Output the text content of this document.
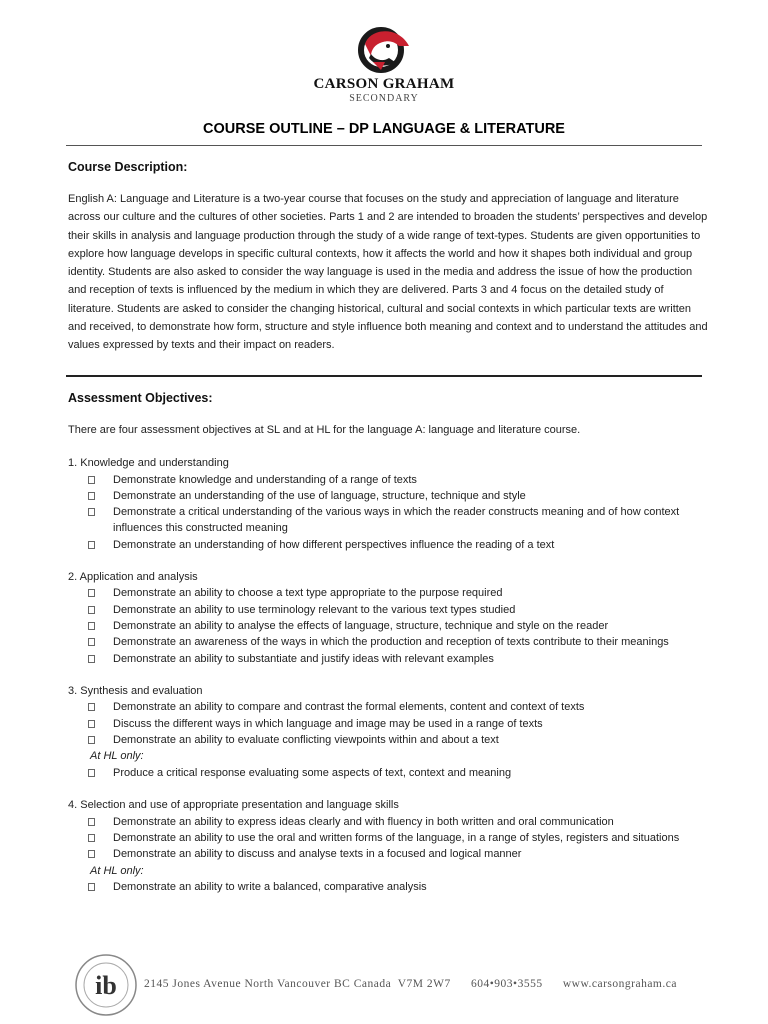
CARSON GRAHAM
SECONDARY
COURSE OUTLINE – DP LANGUAGE & LITERATURE
Course Description:

English A: Language and Literature is a two-year course that focuses on the study and appreciation of language and literature across our culture and the cultures of other societies. Parts 1 and 2 are intended to broaden the students’ perspectives and develop their skills in analysis and language production through the study of a wide range of text-types. Students are given opportunities to explore how language develops in specific cultural contexts, how it affects the world and how it shapes both individual and group identity. Students are also asked to consider the way language is used in the media and address the issue of how the production and reception of texts is influenced by the medium in which they are delivered. Parts 3 and 4 focus on the detailed study of literature. Students are asked to consider the changing historical, cultural and social contexts in which particular texts are written and received, to demonstrate how form, structure and style influence both meaning and context and to understand the attitudes and values expressed by texts and their impact on readers.

Assessment Objectives:
There are four assessment objectives at SL and at HL for the language A: language and literature course.
1. Knowledge and understanding
Demonstrate knowledge and understanding of a range of texts
Demonstrate an understanding of the use of language, structure, technique and style
Demonstrate a critical understanding of the various ways in which the reader constructs meaning and of how context influences this constructed meaning
Demonstrate an understanding of how different perspectives influence the reading of a text
2. Application and analysis
Demonstrate an ability to choose a text type appropriate to the purpose required
Demonstrate an ability to use terminology relevant to the various text types studied
Demonstrate an ability to analyse the effects of language, structure, technique and style on the reader
Demonstrate an awareness of the ways in which the production and reception of texts contribute to their meanings
Demonstrate an ability to substantiate and justify ideas with relevant examples
3. Synthesis and evaluation
Demonstrate an ability to compare and contrast the formal elements, content and context of texts
Discuss the different ways in which language and image may be used in a range of texts
Demonstrate an ability to evaluate conflicting viewpoints within and about a text
At HL only:
Produce a critical response evaluating some aspects of text, context and meaning
4. Selection and use of appropriate presentation and language skills
Demonstrate an ability to express ideas clearly and with fluency in both written and oral communication
Demonstrate an ability to use the oral and written forms of the language, in a range of styles, registers and situations
Demonstrate an ability to discuss and analyse texts in a focused and logical manner
At HL only:
Demonstrate an ability to write a balanced, comparative analysis
ib 2145 Jones Avenue North Vancouver BC Canada  V7M 2W7 604•903•3555 www.carsongraham.ca
